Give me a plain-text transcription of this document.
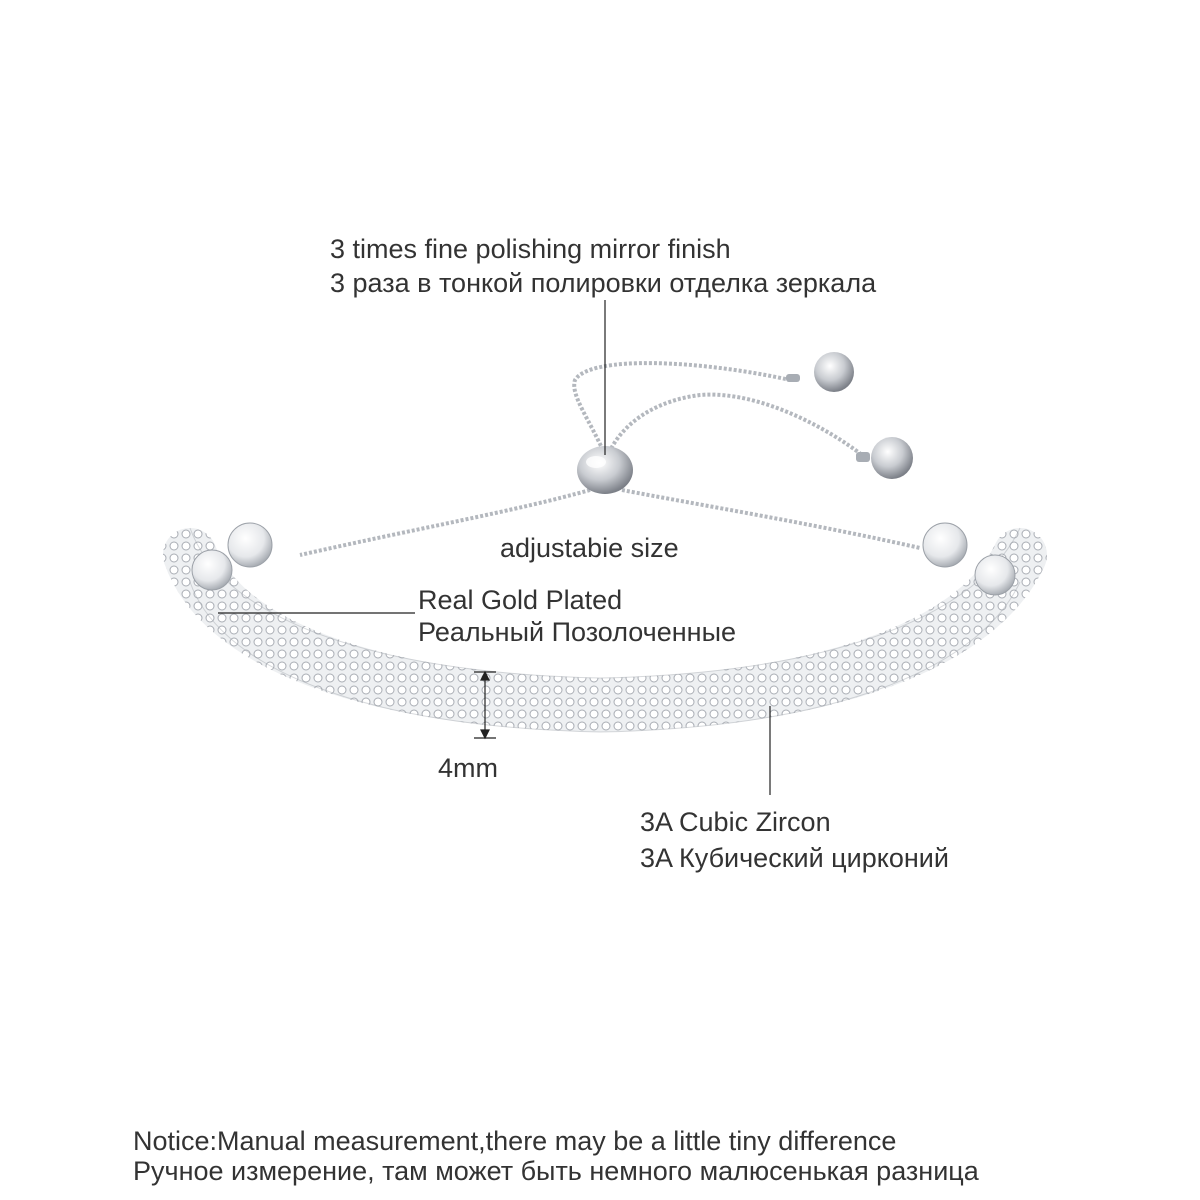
3 times fine polishing mirror finish
3 раза в тонкой полировки отделка зеркала
adjustabie size
Real Gold Plated
Реальный Позолоченные
4mm
3A Cubic Zircon
3A Кубический цирконий
Notice:Manual measurement,there may be a little tiny difference
Ручное измерение, там может быть немного малюсенькая разница
